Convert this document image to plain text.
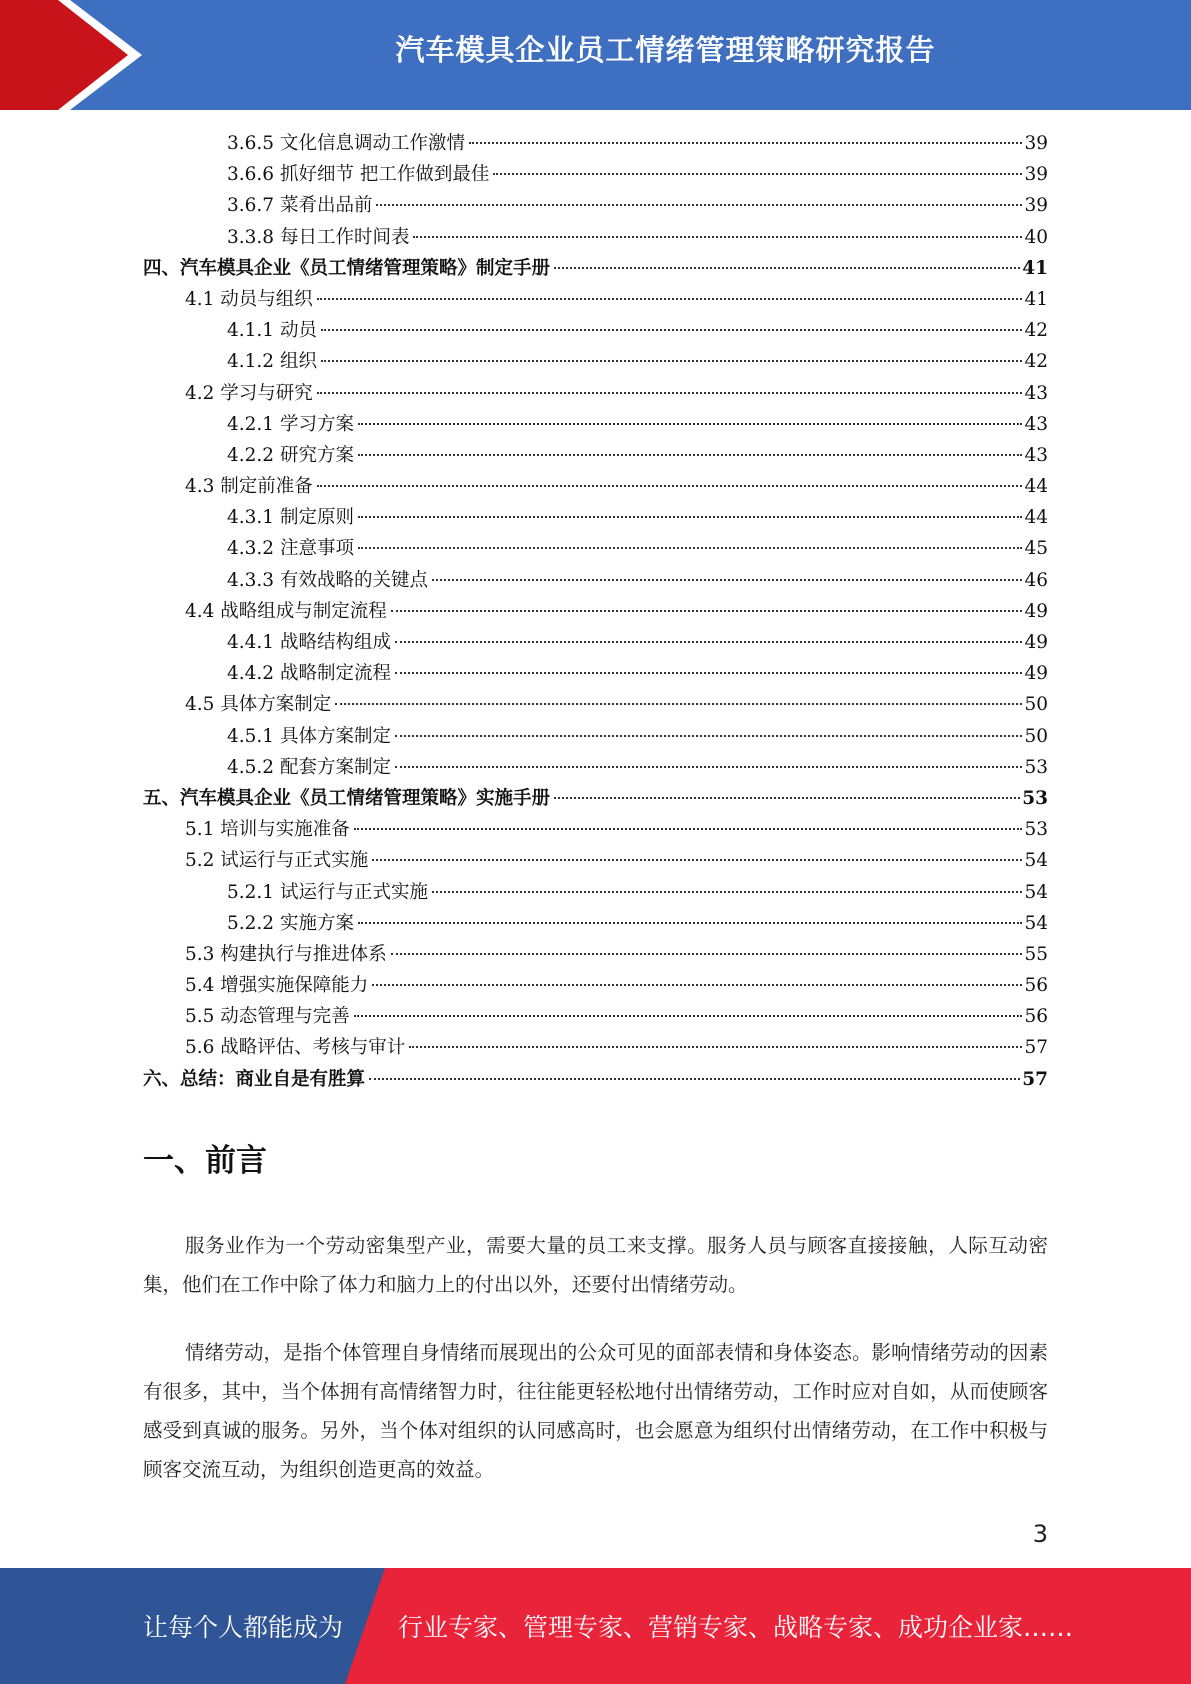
汽车模具企业员工情绪管理策略研究报告
3.6.5 文化信息调动工作激情	39
3.6.6 抓好细节 把工作做到最佳	39
3.6.7 菜肴出品前	39
3.3.8 每日工作时间表	40
四、汽车模具企业《员工情绪管理策略》制定手册	41
4.1 动员与组织	41
4.1.1 动员	42
4.1.2 组织	42
4.2 学习与研究	43
4.2.1 学习方案	43
4.2.2 研究方案	43
4.3 制定前准备	44
4.3.1 制定原则	44
4.3.2 注意事项	45
4.3.3 有效战略的关键点	46
4.4 战略组成与制定流程	49
4.4.1 战略结构组成	49
4.4.2 战略制定流程	49
4.5 具体方案制定	50
4.5.1 具体方案制定	50
4.5.2 配套方案制定	53
五、汽车模具企业《员工情绪管理策略》实施手册	53
5.1 培训与实施准备	53
5.2 试运行与正式实施	54
5.2.1 试运行与正式实施	54
5.2.2 实施方案	54
5.3 构建执行与推进体系	55
5.4 增强实施保障能力	56
5.5 动态管理与完善	56
5.6 战略评估、考核与审计	57
六、总结：商业自是有胜算	57
一、前言
服务业作为一个劳动密集型产业，需要大量的员工来支撑。服务人员与顾客直接接触，人际互动密集，他们在工作中除了体力和脑力上的付出以外，还要付出情绪劳动。
情绪劳动，是指个体管理自身情绪而展现出的公众可见的面部表情和身体姿态。影响情绪劳动的因素有很多，其中，当个体拥有高情绪智力时，往往能更轻松地付出情绪劳动，工作时应对自如，从而使顾客感受到真诚的服务。另外，当个体对组织的认同感高时，也会愿意为组织付出情绪劳动，在工作中积极与顾客交流互动，为组织创造更高的效益。
3
让每个人都能成为 行业专家、管理专家、营销专家、战略专家、成功企业家……
